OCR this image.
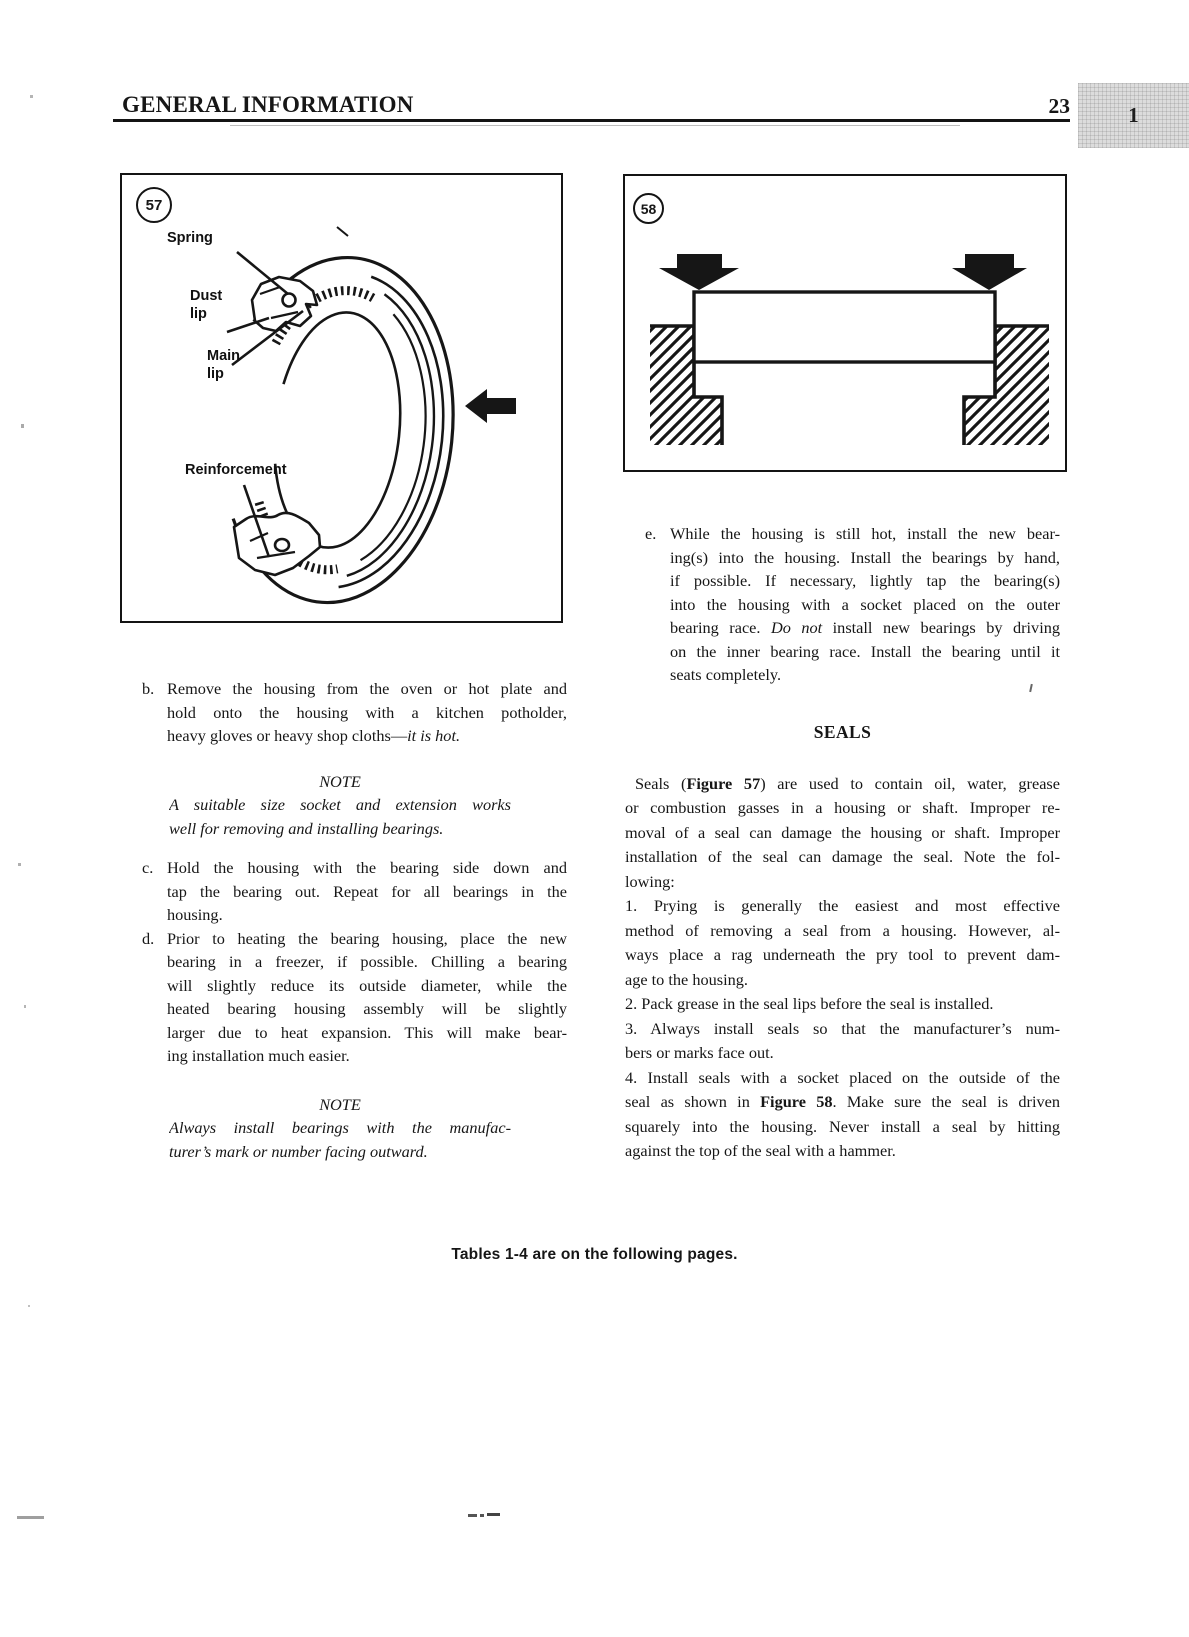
GENERAL INFORMATION	23	1
57
Spring
Dust
lip
Main
lip
Reinforcement
58
b. Remove the housing from the oven or hot plate and
hold onto the housing with a kitchen potholder,
heavy gloves or heavy shop cloths—it is hot.
NOTE
A suitable size socket and extension works
well for removing and installing bearings.
c. Hold the housing with the bearing side down and
tap the bearing out. Repeat for all bearings in the
housing.
d. Prior to heating the bearing housing, place the new
bearing in a freezer, if possible. Chilling a bearing
will slightly reduce its outside diameter, while the
heated bearing housing assembly will be slightly
larger due to heat expansion. This will make bear-
ing installation much easier.
NOTE
Always install bearings with the manufac-
turer’s mark or number facing outward.
e. While the housing is still hot, install the new bear-
ing(s) into the housing. Install the bearings by hand,
if possible. If necessary, lightly tap the bearing(s)
into the housing with a socket placed on the outer
bearing race. Do not install new bearings by driving
on the inner bearing race. Install the bearing until it
seats completely.
SEALS
Seals (Figure 57) are used to contain oil, water, grease
or combustion gasses in a housing or shaft. Improper re-
moval of a seal can damage the housing or shaft. Improper
installation of the seal can damage the seal. Note the fol-
lowing:
1. Prying is generally the easiest and most effective
method of removing a seal from a housing. However, al-
ways place a rag underneath the pry tool to prevent dam-
age to the housing.
2. Pack grease in the seal lips before the seal is installed.
3. Always install seals so that the manufacturer’s num-
bers or marks face out.
4. Install seals with a socket placed on the outside of the
seal as shown in Figure 58. Make sure the seal is driven
squarely into the housing. Never install a seal by hitting
against the top of the seal with a hammer.
Tables 1-4 are on the following pages.
